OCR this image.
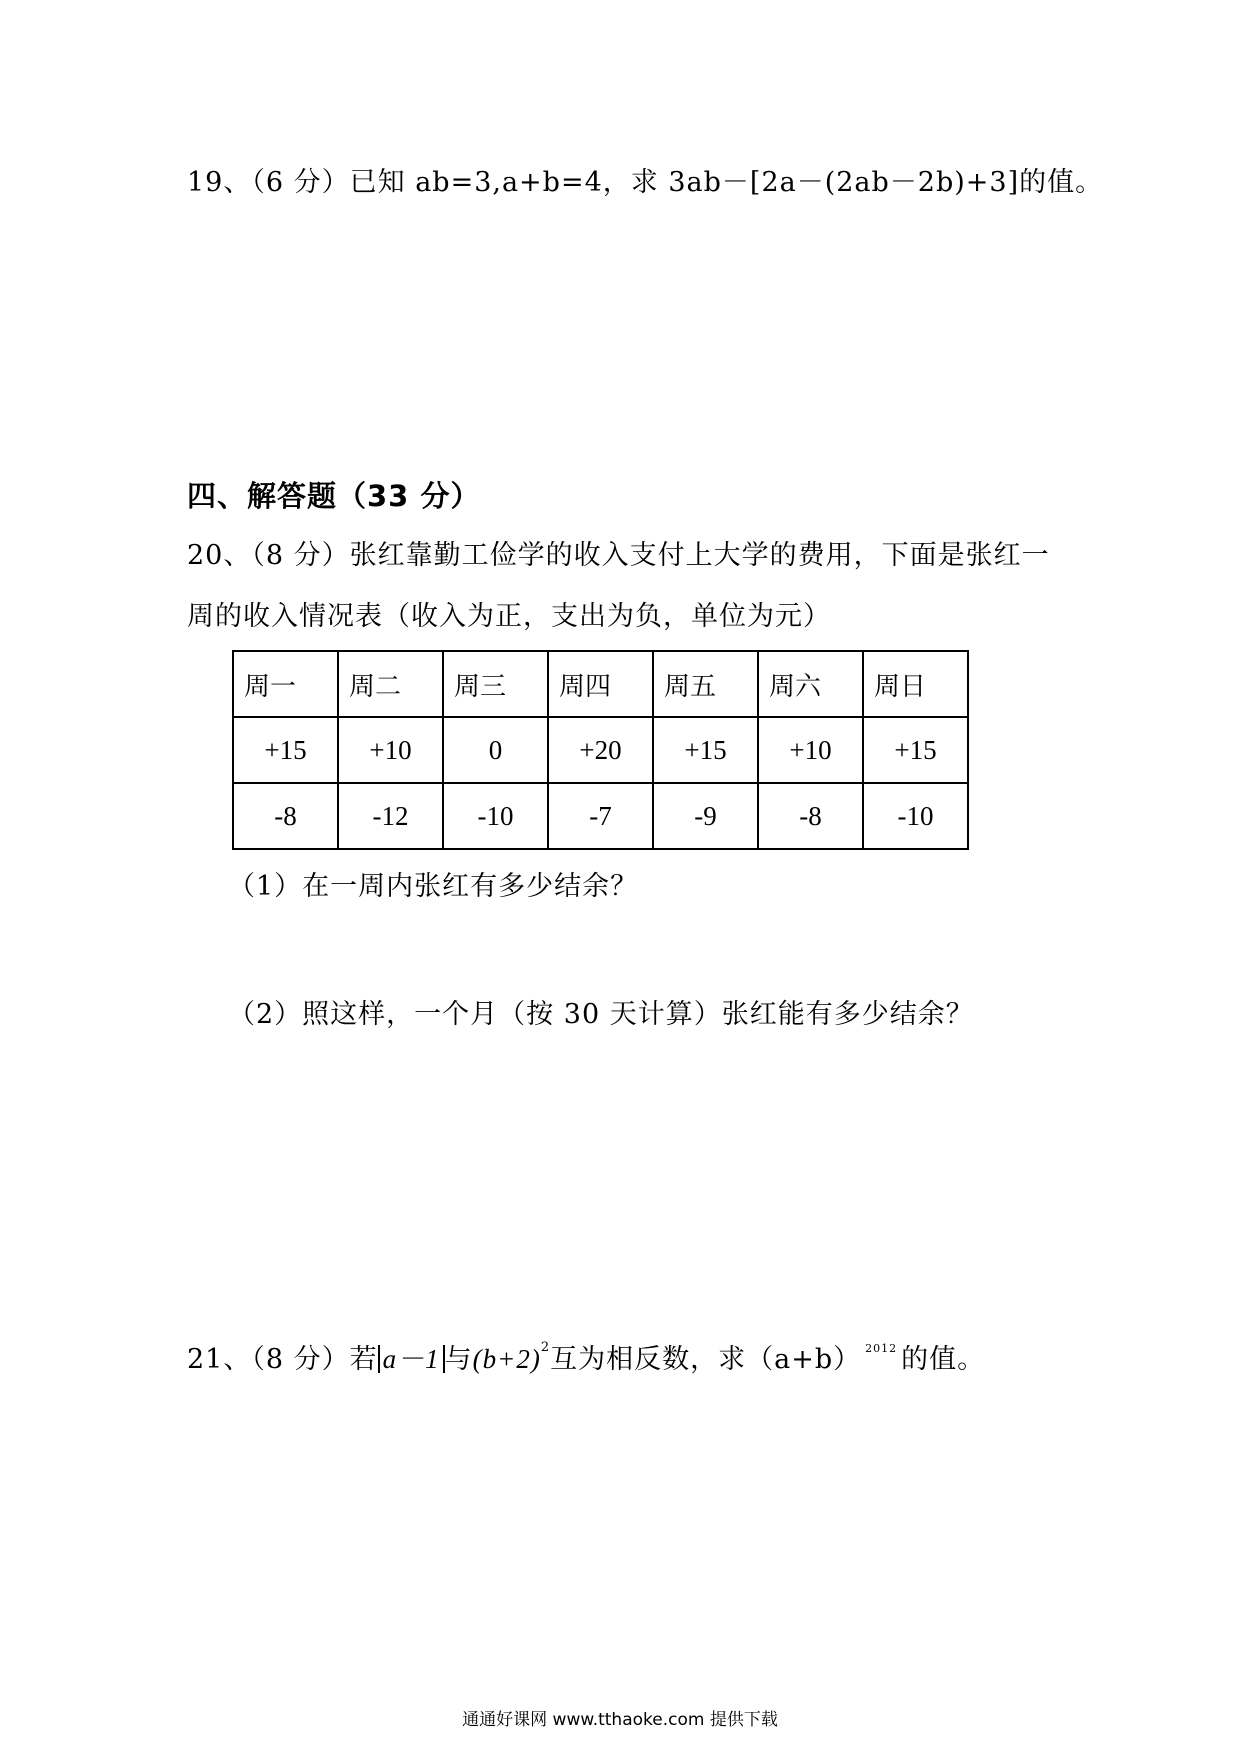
19、（6 分）已知 ab=3,a+b=4，求 3ab－[2a－(2ab－2b)+3]的值。
四、解答题（33 分）
20、（8 分）张红靠勤工俭学的收入支付上大学的费用，下面是张红一
周的收入情况表（收入为正，支出为负，单位为元）
周一	周二	周三	周四	周五	周六	周日
+15	+10	0	+20	+15	+10	+15
-8	-12	-10	-7	-9	-8	-10
（1）在一周内张红有多少结余？
（2）照这样，一个月（按 30 天计算）张红能有多少结余？
21、（8 分）若 a－1 与$(b+2)^2$互为相反数，求（a+b） $^{2012}$ 的值。
通通好课网 www.tthaoke.com 提供下载
